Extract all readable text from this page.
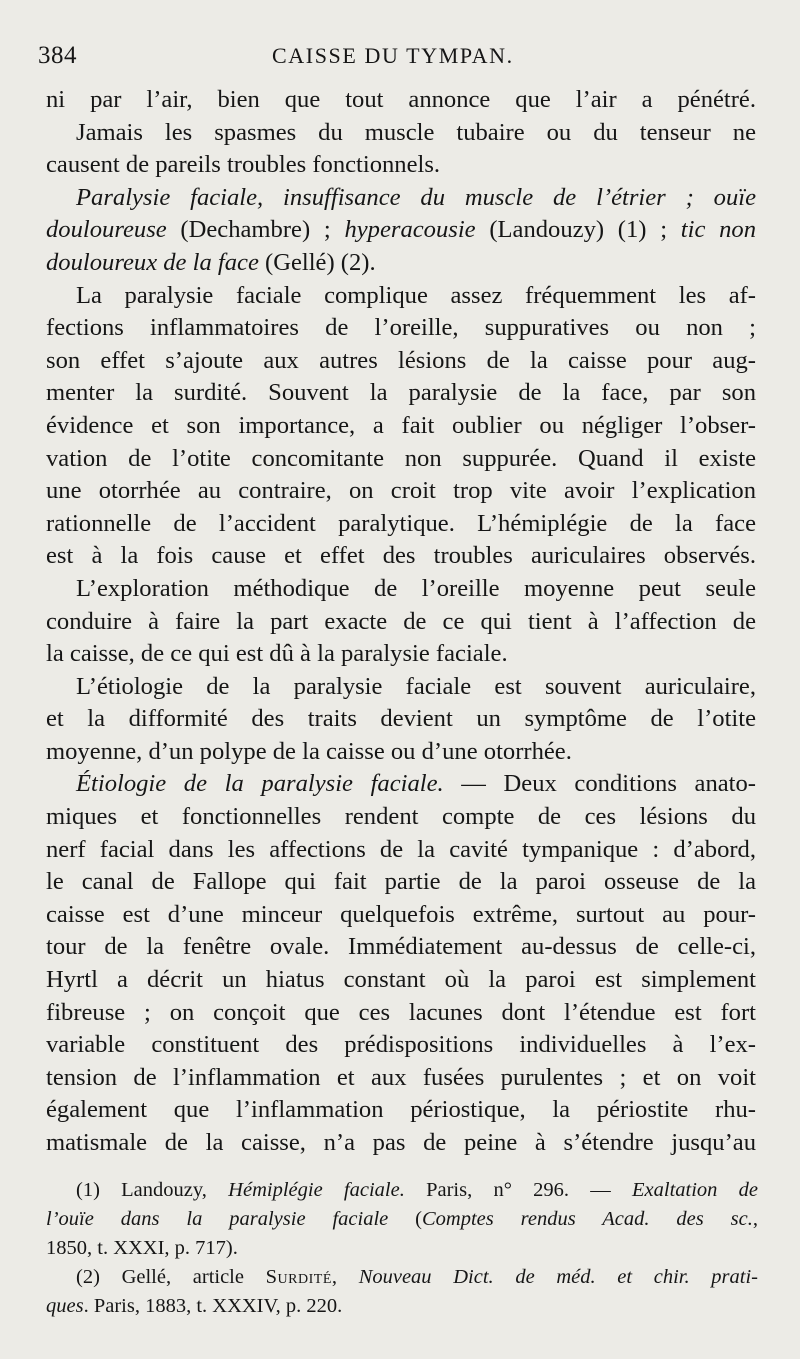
384	CAISSE DU TYMPAN.
ni par l’air, bien que tout annonce que l’air a pénétré.
Jamais les spasmes du muscle tubaire ou du tenseur ne
causent de pareils troubles fonctionnels.
Paralysie faciale, insuffisance du muscle de l’étrier ; ouïe
douloureuse (Dechambre) ; hyperacousie (Landouzy) (1) ; tic non
douloureux de la face (Gellé) (2).
La paralysie faciale complique assez fréquemment les af-
fections inflammatoires de l’oreille, suppuratives ou non ;
son effet s’ajoute aux autres lésions de la caisse pour aug-
menter la surdité. Souvent la paralysie de la face, par son
évidence et son importance, a fait oublier ou négliger l’obser-
vation de l’otite concomitante non suppurée. Quand il existe
une otorrhée au contraire, on croit trop vite avoir l’explication
rationnelle de l’accident paralytique. L’hémiplégie de la face
est à la fois cause et effet des troubles auriculaires observés.
L’exploration méthodique de l’oreille moyenne peut seule
conduire à faire la part exacte de ce qui tient à l’affection de
la caisse, de ce qui est dû à la paralysie faciale.
L’étiologie de la paralysie faciale est souvent auriculaire,
et la difformité des traits devient un symptôme de l’otite
moyenne, d’un polype de la caisse ou d’une otorrhée.
Étiologie de la paralysie faciale. — Deux conditions anato-
miques et fonctionnelles rendent compte de ces lésions du
nerf facial dans les affections de la cavité tympanique : d’abord,
le canal de Fallope qui fait partie de la paroi osseuse de la
caisse est d’une minceur quelquefois extrême, surtout au pour-
tour de la fenêtre ovale. Immédiatement au-dessus de celle-ci,
Hyrtl a décrit un hiatus constant où la paroi est simplement
fibreuse ; on conçoit que ces lacunes dont l’étendue est fort
variable constituent des prédispositions individuelles à l’ex-
tension de l’inflammation et aux fusées purulentes ; et on voit
également que l’inflammation périostique, la périostite rhu-
matismale de la caisse, n’a pas de peine à s’étendre jusqu’au
(1) Landouzy, Hémiplégie faciale. Paris, n° 296. — Exaltation de
l’ouïe dans la paralysie faciale (Comptes rendus Acad. des sc.,
1850, t. XXXI, p. 717).
(2) Gellé, article Surdité, Nouveau Dict. de méd. et chir. prati-
ques. Paris, 1883, t. XXXIV, p. 220.
